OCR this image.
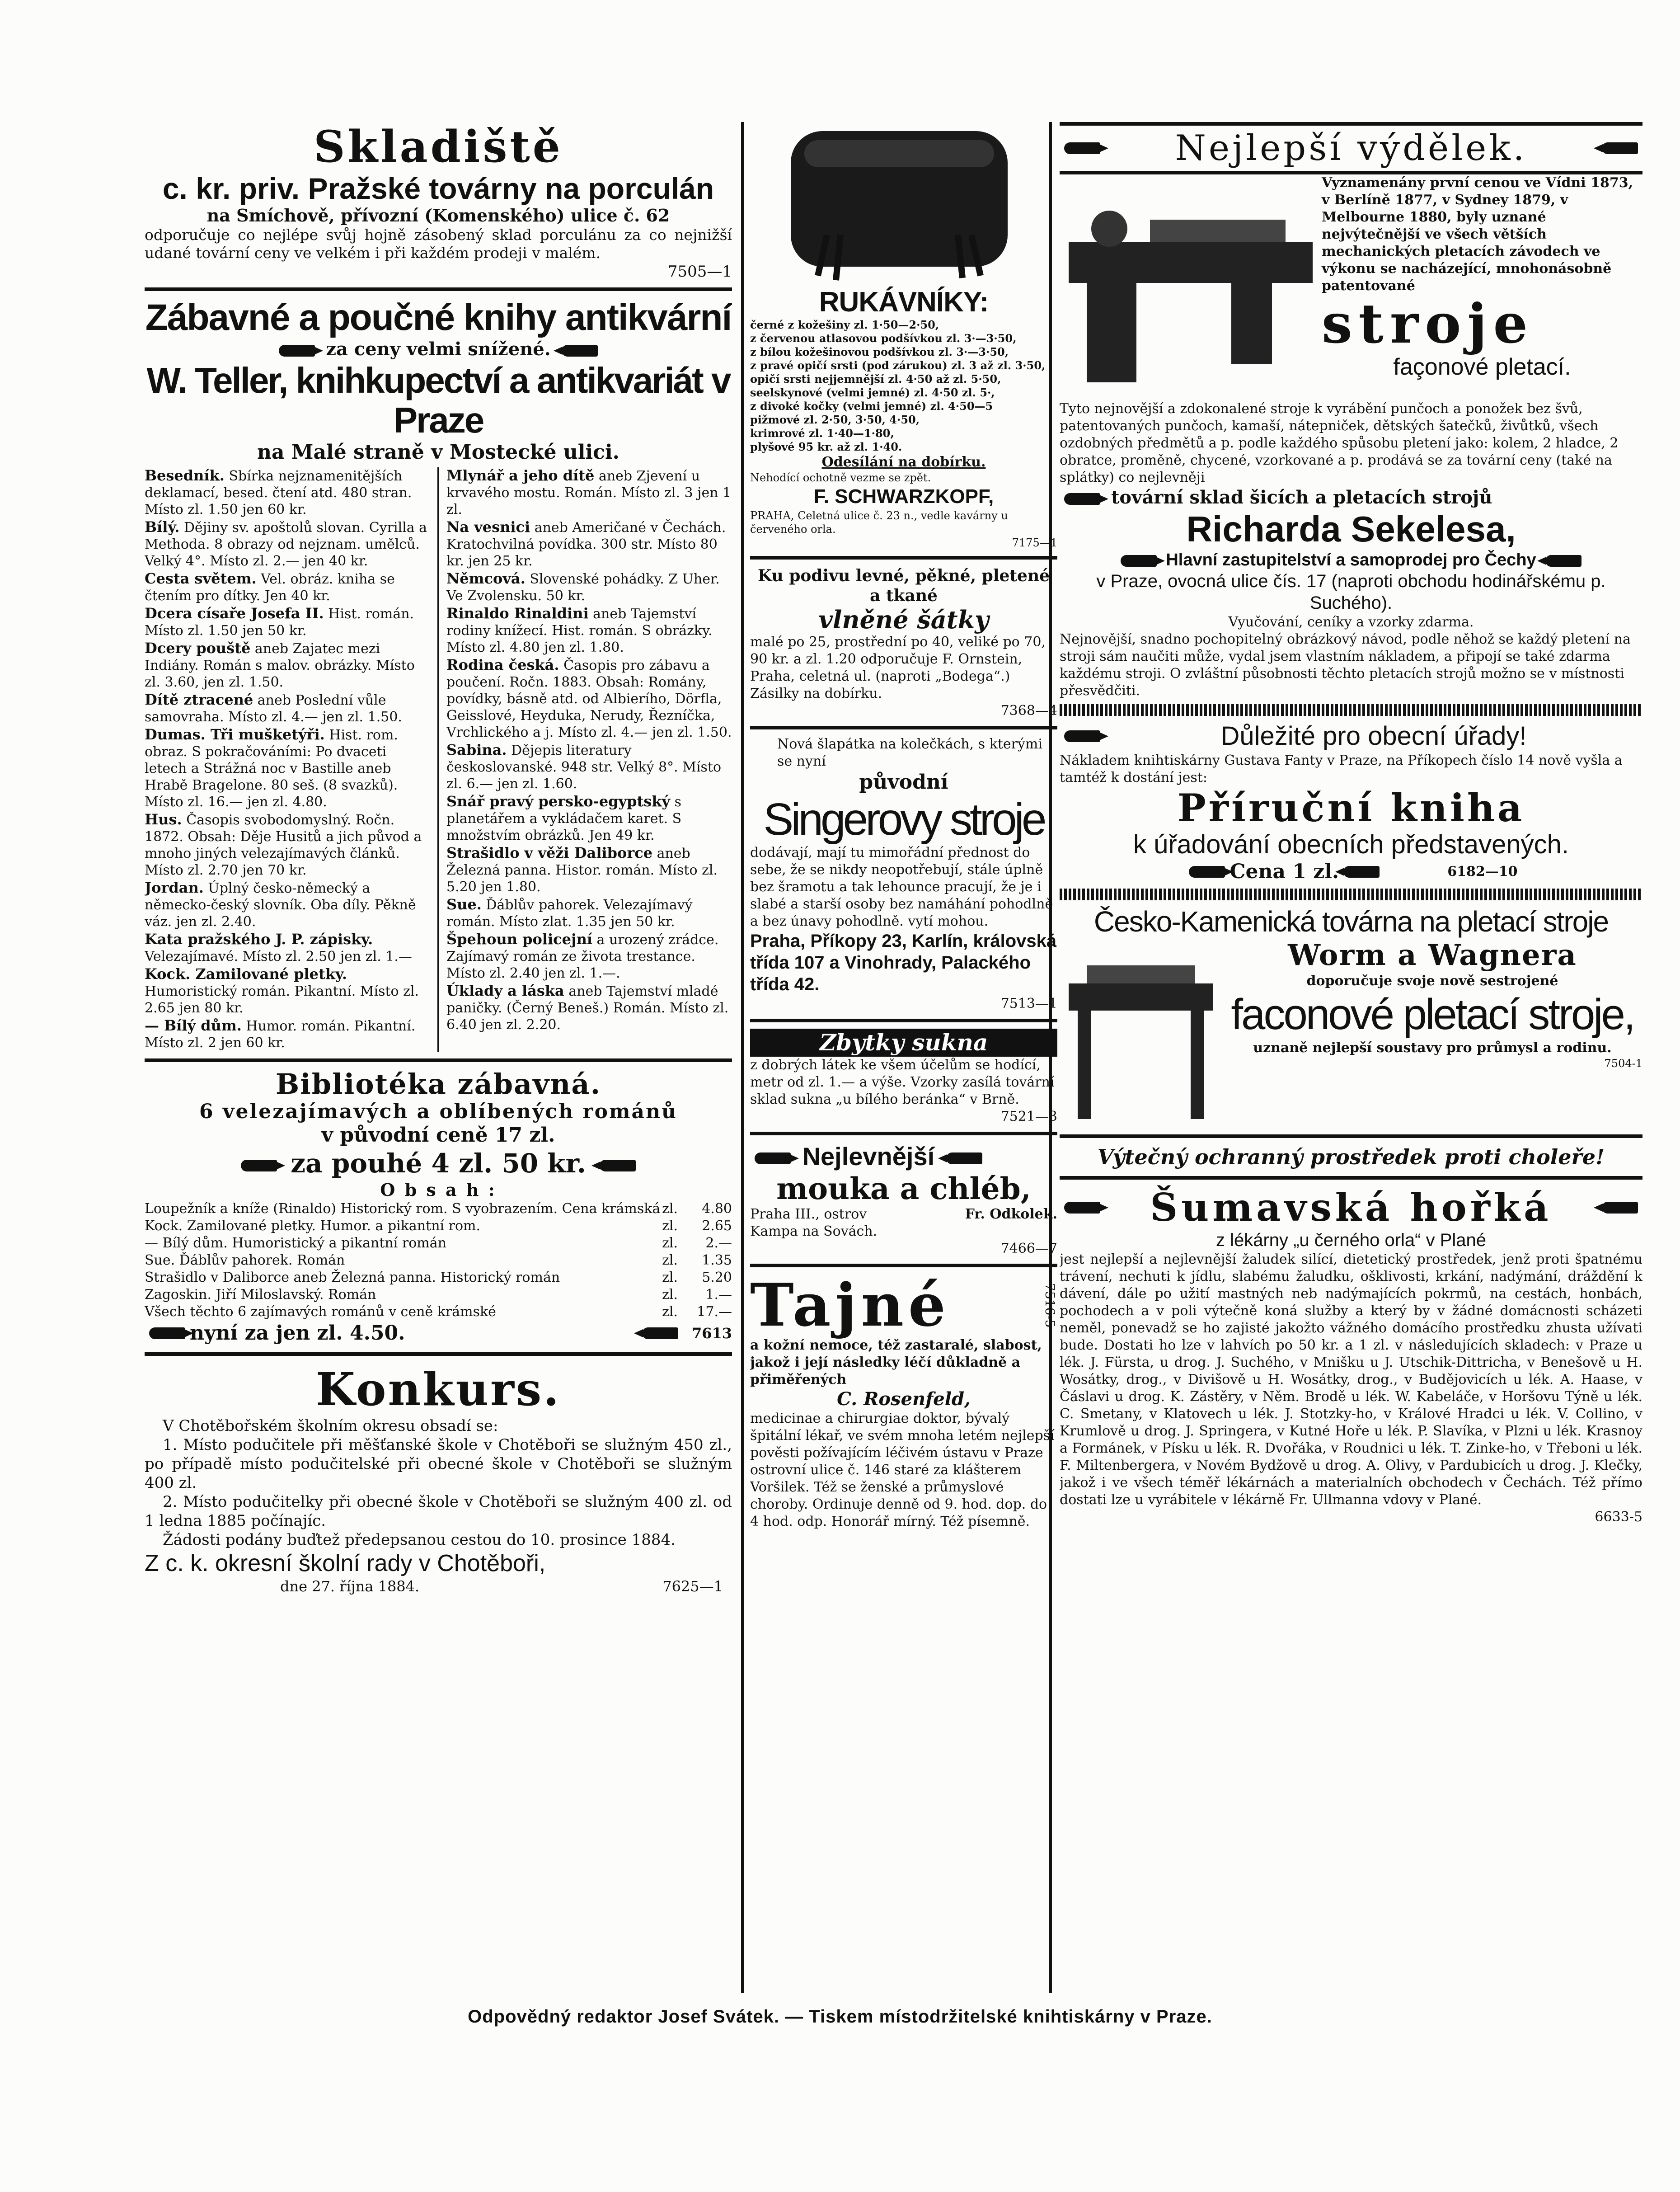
Skladiště
c. kr. priv. Pražské továrny na porculán
na Smíchově, přívozní (Komenského) ulice č. 62
odporučuje co nejlépe svůj hojně zásobený sklad porculánu za co nejnižší udané tovární ceny ve velkém i při každém prodeji v malém.
7505—1
Zábavné a poučné knihy antikvární
za ceny velmi snížené.
W. Teller, knihkupectví a antikvariát v Praze
na Malé straně v Mostecké ulici.
Besedník. Sbírka nejznamenitějších deklamací, besed. čtení atd. 480 stran. Místo zl. 1.50 jen 60 kr.
Bílý. Dějiny sv. apoštolů slovan. Cyrilla a Methoda. 8 obrazy od nejznam. umělců. Velký 4°. Místo zl. 2.— jen 40 kr.
Cesta světem. Vel. obráz. kniha se čtením pro dítky. Jen 40 kr.
Dcera císaře Josefa II. Hist. román. Místo zl. 1.50 jen 50 kr.
Dcery pouště aneb Zajatec mezi Indiány. Román s malov. obrázky. Místo zl. 3.60, jen zl. 1.50.
Dítě ztracené aneb Poslední vůle samovraha. Místo zl. 4.— jen zl. 1.50.
Dumas. Tři mušketýři. Hist. rom. obraz. S pokračováními: Po dvaceti letech a Strážná noc v Bastille aneb Hrabě Bragelone. 80 seš. (8 svazků). Místo zl. 16.— jen zl. 4.80.
Hus. Časopis svobodomyslný. Ročn. 1872. Obsah: Děje Husitů a jich původ a mnoho jiných velezajímavých článků. Místo zl. 2.70 jen 70 kr.
Jordan. Úplný česko-německý a německo-český slovník. Oba díly. Pěkně váz. jen zl. 2.40.
Kata pražského J. P. zápisky. Velezajímavé. Místo zl. 2.50 jen zl. 1.—
Kock. Zamilované pletky. Humoristický román. Pikantní. Místo zl. 2.65 jen 80 kr.
— Bílý dům. Humor. román. Pikantní. Místo zl. 2 jen 60 kr.
Mlynář a jeho dítě aneb Zjevení u krvavého mostu. Román. Místo zl. 3 jen 1 zl.
Na vesnici aneb Američané v Čechách. Kratochvilná povídka. 300 str. Místo 80 kr. jen 25 kr.
Němcová. Slovenské pohádky. Z Uher. Ve Zvolensku. 50 kr.
Rinaldo Rinaldini aneb Tajemství rodiny knížecí. Hist. román. S obrázky. Místo zl. 4.80 jen zl. 1.80.
Rodina česká. Časopis pro zábavu a poučení. Ročn. 1883. Obsah: Romány, povídky, básně atd. od Albierího, Dörfla, Geisslové, Heydukа, Nerudy, Řezníčka, Vrchlického a j. Místo zl. 4.— jen zl. 1.50.
Sabina. Dějepis literatury českoslovanské. 948 str. Velký 8°. Místo zl. 6.— jen zl. 1.60.
Snář pravý persko-egyptský s planetářem a vykládačem karet. S množstvím obrázků. Jen 49 kr.
Strašidlo v věži Daliborce aneb Železná panna. Histor. román. Místo zl. 5.20 jen 1.80.
Sue. Ďáblův pahorek. Velezajímavý román. Místo zlat. 1.35 jen 50 kr.
Špehoun policejní a urozený zrádce. Zajímavý román ze života trestance. Místo zl. 2.40 jen zl. 1.—.
Úklady a láska aneb Tajemství mladé paničky. (Černý Beneš.) Román. Místo zl. 6.40 jen zl. 2.20.
Bibliotéka zábavná.
6 velezajímavých a oblíbených románů
v původní ceně 17 zl.
za pouhé 4 zl. 50 kr.
O b s a h :
Loupežník a kníže (Rinaldo) Historický rom. S vyobrazením. Cena krámská zl.	4.80
Kock. Zamilované pletky. Humor. a pikantní rom.	zl.	2.65
— Bílý dům. Humoristický a pikantní román	zl.	2.—
Sue. Ďáblův pahorek. Román	zl.	1.35
Strašidlo v Daliborce aneb Železná panna. Historický román	zl.	5.20
Zagoskin. Jiří Miloslavský. Román	zl.	1.—
Všech těchto 6 zajímavých románů v ceně krámské	zl.	17.—
nyní za jen zl. 4.50.	7613
Konkurs.
V Chotěbořském školním okresu obsadí se:
1. Místo podučitele při měšťanské škole v Chotěboři se služným 450 zl., po případě místo podučitelské při obecné škole v Chotěboři se služným 400 zl.
2. Místo podučitelky při obecné škole v Chotěboři se služným 400 zl. od 1 ledna 1885 počínajíc.
Žádosti podány buďtež předepsanou cestou do 10. prosince 1884.
Z c. k. okresní školní rady v Chotěboři,
dne 27. října 1884.	7625—1
RUKÁVNÍKY:
černé z kožešiny zl. 1·50—2·50,
z červenou atlasovou podšívkou zl. 3·—3·50,
z bílou kožešinovou podšívkou zl. 3·—3·50,
z pravé opičí srsti (pod zárukou) zl. 3 až zl. 3·50,
opičí srsti nejjemnější zl. 4·50 až zl. 5·50,
seelskynové (velmi jemné) zl. 4·50 zl. 5·,
z divoké kočky (velmi jemné) zl. 4·50—5
pižmové zl. 2·50, 3·50, 4·50,
krimrové zl. 1·40—1·80,
plyšové 95 kr. až zl. 1·40.
Odesílání na dobírku.
Nehodící ochotně vezme se zpět.
F. SCHWARZKOPF,
PRAHA, Celetná ulice č. 23 n., vedle kavárny u červeného orla.
7175—1
Ku podivu levné, pěkné, pletené a tkané
vlněné šátky
malé po 25, prostřední po 40, veliké po 70, 90 kr. a zl. 1.20 odporučuje F. Ornstein, Praha, celetná ul. (naproti „Bodega“.) Zásilky na dobírku.
7368—4
Nová šlapátka na kolečkách, s kterými se nyní
původní
Singerovy stroje
dodávají, mají tu mimořádní přednost do sebe, že se nikdy neopotřebují, stále úplně bez šramotu a tak lehounce pracují, že je i slabé a starší osoby bez namáhání pohodlně a bez únavy pohodlně. vytí mohou.
Praha, Příkopy 23, Karlín, královská třída 107 a Vinohrady, Palackého třída 42.
7513—1
Zbytky sukna
z dobrých látek ke všem účelům se hodící, metr od zl. 1.— a výše. Vzorky zasílá tovární sklad sukna „u bílého beránka“ v Brně.
7521—3
Nejlevnější
mouka a chléb,
Praha III., ostrov Kampa na Sovách.
Fr. Odkolek.
7466—7
Tajné	7516-5
a kožní nemoce, též zastaralé, slabost, jakož i její následky léčí důkladně a přiměřených
C. Rosenfeld,
medicinae a chirurgiae doktor, bývalý špitální lékař, ve svém mnoha letém nejlepší pověsti požívajícím léčivém ústavu v Praze ostrovní ulice č. 146 staré za klášterem Voršilek. Též se ženské a průmyslové choroby. Ordinuje denně od 9. hod. dop. do 4 hod. odp. Honorář mírný. Též písemně.
Nejlepší výdělek.
Vyznamenány první cenou ve Vídni 1873, v Berlíně 1877, v Sydney 1879, v Melbourne 1880, byly uznané nejvýtečnější ve všech větších mechanických pletacích závodech ve výkonu se nacházející, mnohonásobně patentované
stroje
façonové pletací.
Tyto nejnovější a zdokonalené stroje k vyrábění punčoch a ponožek bez švů, patentovaných punčoch, kamaší, nátepniček, dětských šatečků, živůtků, všech ozdobných předmětů a p. podle každého spůsobu pletení jako: kolem, 2 hladce, 2 obratce, proměně, chycené, vzorkované a p. prodává se za tovární ceny (také na splátky) co nejlevněji
tovární sklad šicích a pletacích strojů
Richarda Sekelesa,
Hlavní zastupitelství a samoprodej pro Čechy
v Praze, ovocná ulice čís. 17 (naproti obchodu hodinářskému p. Suchého).
Vyučování, ceníky a vzorky zdarma.
Nejnovější, snadno pochopitelný obrázkový návod, podle něhož se každý pletení na stroji sám naučiti může, vydal jsem vlastním nákladem, a připojí se také zdarma každému stroji. O zvláštní působnosti těchto pletacích strojů možno se v místnosti přesvědčiti.
Důležité pro obecní úřady!
Nákladem knihtiskárny Gustava Fanty v Praze, na Příkopech číslo 14 nově vyšla a tamtéž k dostání jest:
Příruční kniha
k úřadování obecních představených.
Cena 1 zl.	6182—10
Česko-Kamenická továrna na pletací stroje
Worm a Wagnera
doporučuje svoje nově sestrojené
faconové pletací stroje,
uznaně nejlepší soustavy pro průmysl a rodinu.
7504-1
Výtečný ochranný prostředek proti choleře!
Šumavská hořká
z lékárny „u černého orla“ v Plané
jest nejlepší a nejlevnější žaludek silící, dietetický prostředek, jenž proti špatnému trávení, nechuti k jídlu, slabému žaludku, ošklivosti, krkání, nadýmání, dráždění k dávení, dále po užití mastných neb nadýmajících pokrmů, na cestách, honbách, pochodech a v poli výtečně koná služby a který by v žádné domácnosti scházeti neměl, ponevadž se ho zajisté jakožto vážného domácího prostředku zhusta užívati bude. Dostati ho lze v lahvích po 50 kr. a 1 zl. v následujících skladech: v Praze u lék. J. Fürsta, u drog. J. Suchého, v Mnišku u J. Utschik-Dittricha, v Benešově u H. Wosátky, drog., v Divišově u H. Wosátky, drog., v Budějovicích u lék. A. Haase, v Čáslavi u drog. K. Zástěry, v Něm. Brodě u lék. W. Kabeláče, v Horšovu Týně u lék. C. Smetany, v Klatovech u lék. J. Stotzky-ho, v Králové Hradci u lék. V. Collino, v Krumlově u drog. J. Springera, v Kutné Hoře u lék. P. Slavíka, v Plzni u lék. Krasnoy a Formánek, v Písku u lék. R. Dvořáka, v Roudnici u lék. T. Zinke-ho, v Třeboni u lék. F. Miltenbergera, v Novém Bydžově u drog. A. Olivy, v Pardubicích u drog. J. Klečky, jakož i ve všech téměř lékárnách a materialních obchodech v Čechách. Též přímo dostati lze u vyrábitele v lékárně Fr. Ullmanna vdovy v Plané.
6633-5
Odpovědný redaktor Josef Svátek. — Tiskem místodržitelské knihtiskárny v Praze.
